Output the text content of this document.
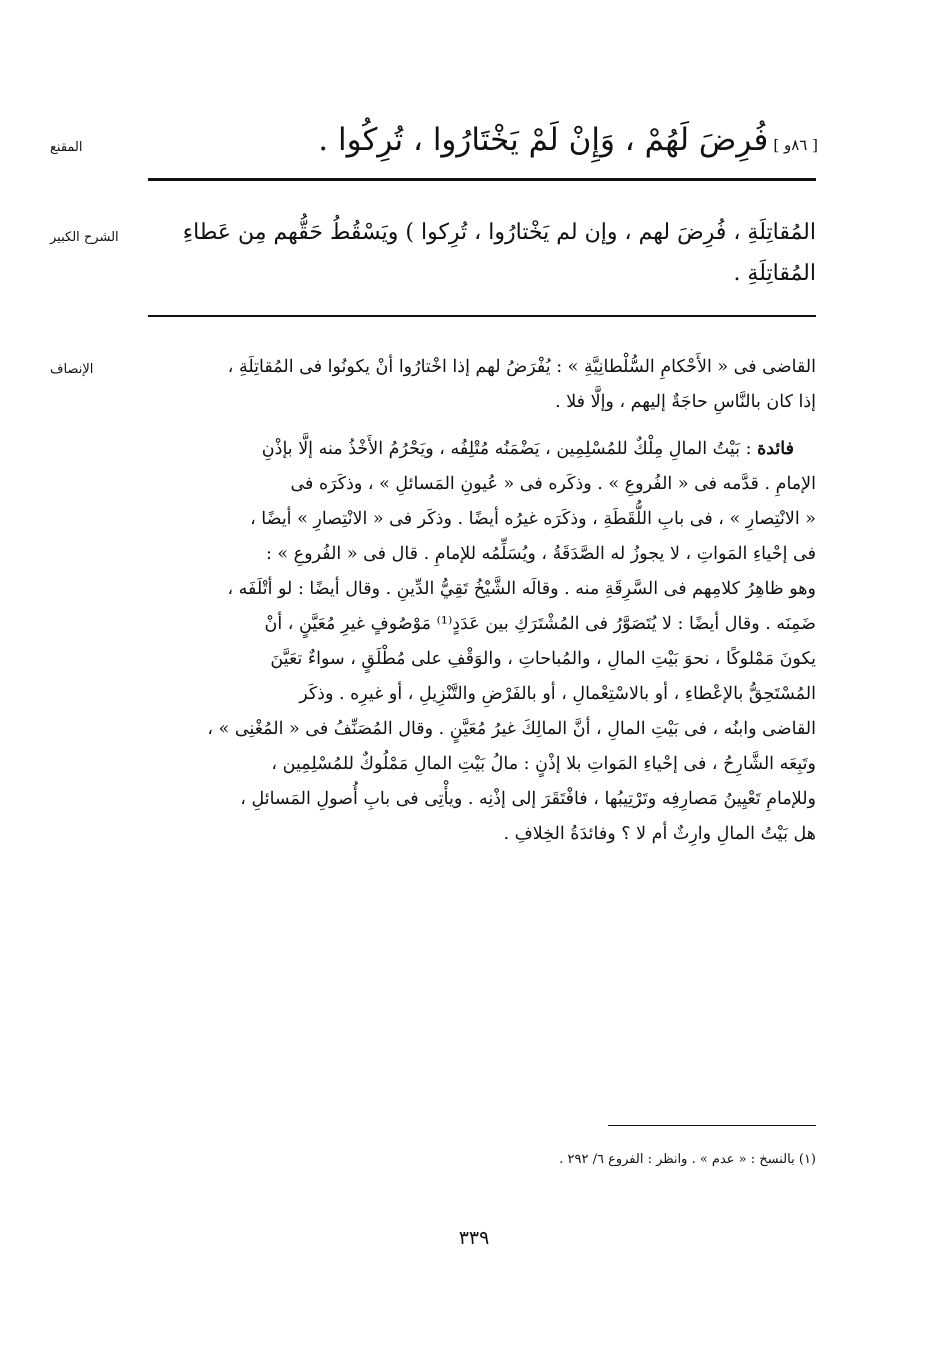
المقنع	[ ٨٦و ] فُرِضَ لَهُمْ ، وَإِنْ لَمْ يَخْتَارُوا ، تُرِكُوا .
الشرح الكبير	المُقاتِلَةِ ، فُرِضَ لهم ، وإن لم يَخْتارُوا ، تُرِكوا ) ويَسْقُطُ حَقُّهم مِن عَطاءِ
المُقاتِلَةِ .
الإنصاف	القاضى فى « الأَحْكامِ السُّلْطانِيَّةِ » : يُفْرَضُ لهم إذا اخْتارُوا أنْ يكونُوا فى المُقاتِلَةِ ،
إذا كان بالنَّاسِ حاجَةٌ إليهم ، وإلَّا فلا .
فائدة : بَيْتُ المالِ مِلْكٌ للمُسْلِمِين ، يَضْمَنُه مُتْلِفُه ، ويَحْرُمُ الأَخْذُ منه إلَّا بإذْنِ
الإمامِ . قدَّمه فى « الفُروعِ » . وذكَره فى « عُيونِ المَسائلِ » ، وذكَرَه فى
« الانْتِصارِ » ، فى بابِ اللُّقَطَةِ ، وذكَرَه غيرُه أيضًا . وذكَر فى « الانْتِصارِ » أيضًا ،
فى إحْياءِ المَواتِ ، لا يجوزُ له الصَّدَقَةُ ، ويُسَلِّمُه للإمامِ . قال فى « الفُروعِ » :
وهو ظاهِرُ كلامِهم فى السَّرِقَةِ منه . وقالَه الشَّيْخُ تَقِيُّ الدِّينِ . وقال أيضًا : لو أتْلَفَه ،
ضَمِنَه . وقال أيضًا : لا يُتَصَوَّرُ فى المُشْتَرَكِ بين عَدَدٍ⁽¹⁾ مَوْصُوفٍ غيرِ مُعَيَّنٍ ، أنْ
يكونَ مَمْلوكًا ، نحوَ بَيْتِ المالِ ، والمُباحاتِ ، والوَقْفِ على مُطْلَقٍ ، سواءٌ تعَيَّنَ
المُسْتَحِقُّ بالإعْطاءِ ، أو بالاسْتِعْمالِ ، أو بالفَرْضِ والتَّنْزِيلِ ، أو غيرِه . وذكَر
القاضى وابنُه ، فى بَيْتِ المالِ ، أنَّ المالِكَ غيرُ مُعَيَّنٍ . وقال المُصَنِّفُ فى « المُغْنِى » ،
وتَبِعَه الشَّارِحُ ، فى إحْياءِ المَواتِ بلا إذْنٍ : مالُ بَيْتِ المالِ مَمْلُوكٌ للمُسْلِمِين ،
وللإمامِ تَعْيِينُ مَصارِفِه وتَرْتِيبُها ، فافْتَقَرَ إلى إذْنِه . ويأْتِى فى بابِ أُصولِ المَسائلِ ،
هل بَيْتُ المالِ وارِثٌ أم لا ؟ وفائدَةُ الخِلافِ .
(١) بالنسخ : « عدم » . وانظر : الفروع ٦/ ٢٩٢ .
٣٣٩
